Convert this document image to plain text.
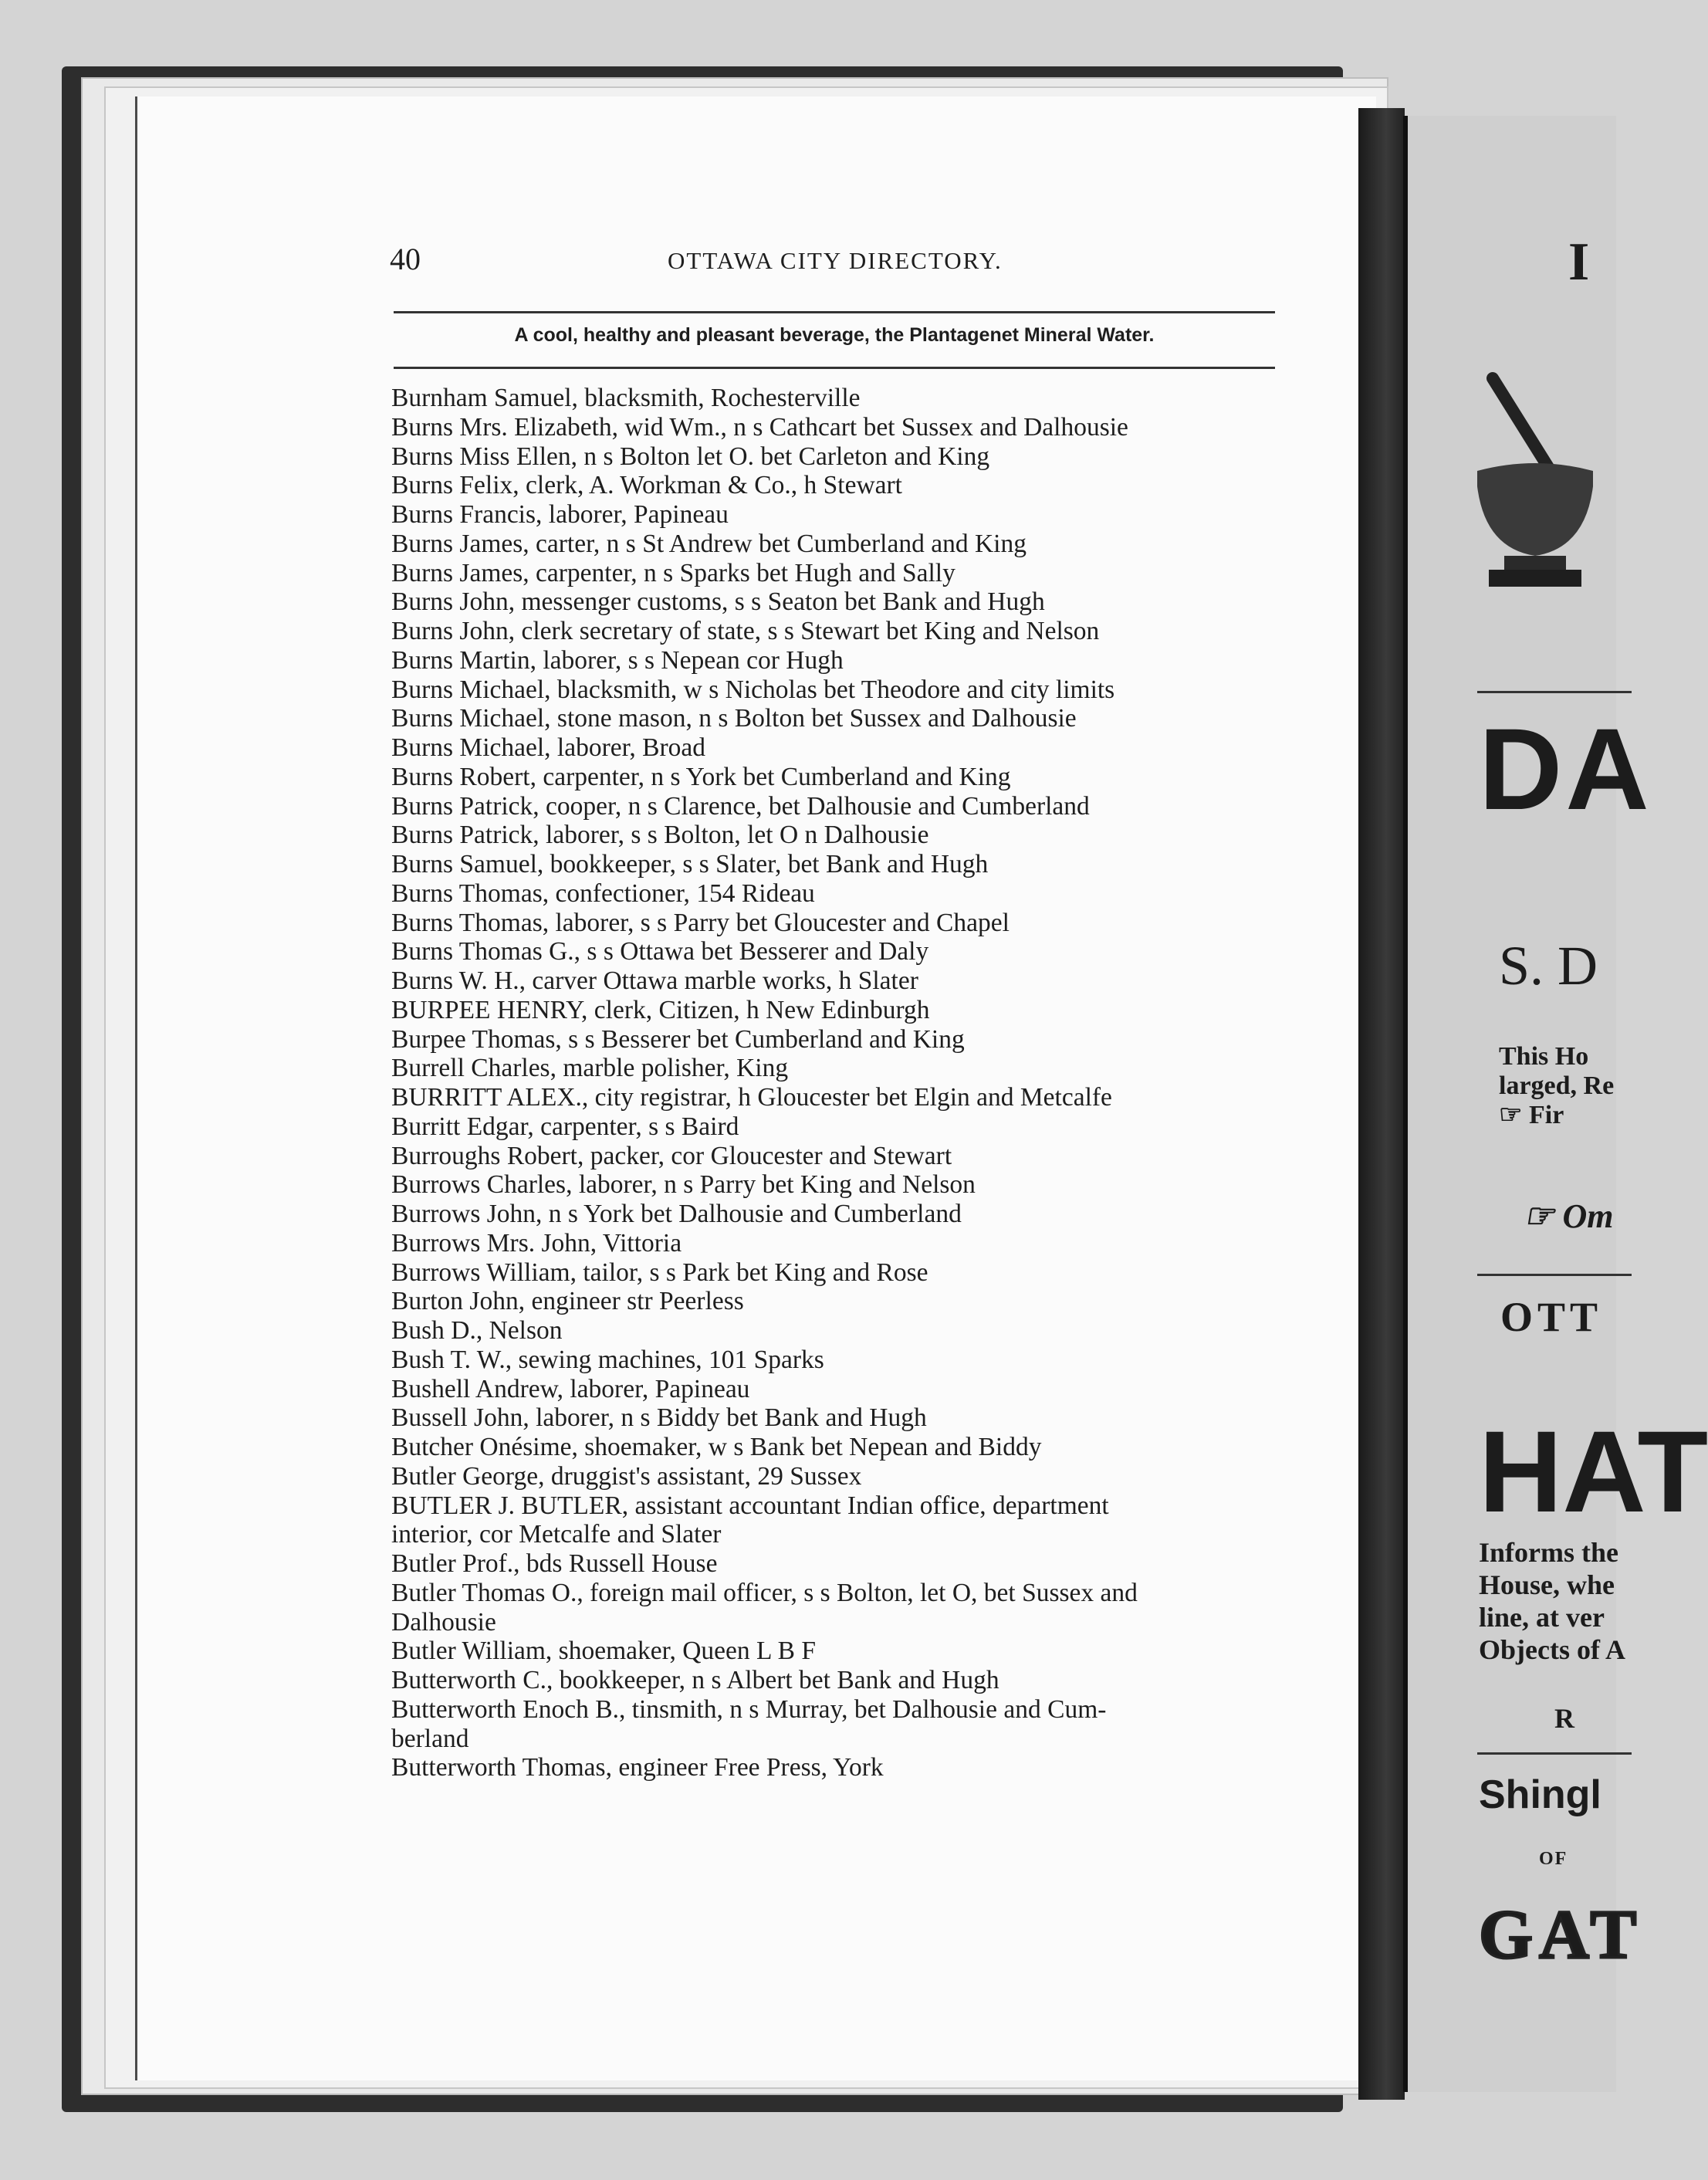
40	OTTAWA CITY DIRECTORY.
A cool, healthy and pleasant beverage, the Plantagenet Mineral Water.
Burnham Samuel, blacksmith, Rochesterville
Burns Mrs. Elizabeth, wid Wm., n s Cathcart bet Sussex and Dalhousie
Burns Miss Ellen, n s Bolton let O. bet Carleton and King
Burns Felix, clerk, A. Workman & Co., h Stewart
Burns Francis, laborer, Papineau
Burns James, carter, n s St Andrew bet Cumberland and King
Burns James, carpenter, n s Sparks bet Hugh and Sally
Burns John, messenger customs, s s Seaton bet Bank and Hugh
Burns John, clerk secretary of state, s s Stewart bet King and Nelson
Burns Martin, laborer, s s Nepean cor Hugh
Burns Michael, blacksmith, w s Nicholas bet Theodore and city limits
Burns Michael, stone mason, n s Bolton bet Sussex and Dalhousie
Burns Michael, laborer, Broad
Burns Robert, carpenter, n s York bet Cumberland and King
Burns Patrick, cooper, n s Clarence, bet Dalhousie and Cumberland
Burns Patrick, laborer, s s Bolton, let O n Dalhousie
Burns Samuel, bookkeeper, s s Slater, bet Bank and Hugh
Burns Thomas, confectioner, 154 Rideau
Burns Thomas, laborer, s s Parry bet Gloucester and Chapel
Burns Thomas G., s s Ottawa bet Besserer and Daly
Burns W. H., carver Ottawa marble works, h Slater
BURPEE HENRY, clerk, Citizen, h New Edinburgh
Burpee Thomas, s s Besserer bet Cumberland and King
Burrell Charles, marble polisher, King
BURRITT ALEX., city registrar, h Gloucester bet Elgin and Metcalfe
Burritt Edgar, carpenter, s s Baird
Burroughs Robert, packer, cor Gloucester and Stewart
Burrows Charles, laborer, n s Parry bet King and Nelson
Burrows John, n s York bet Dalhousie and Cumberland
Burrows Mrs. John, Vittoria
Burrows William, tailor, s s Park bet King and Rose
Burton John, engineer str Peerless
Bush D., Nelson
Bush T. W., sewing machines, 101 Sparks
Bushell Andrew, laborer, Papineau
Bussell John, laborer, n s Biddy bet Bank and Hugh
Butcher Onésime, shoemaker, w s Bank bet Nepean and Biddy
Butler George, druggist's assistant, 29 Sussex
BUTLER J. BUTLER, assistant accountant Indian office, department
interior, cor Metcalfe and Slater
Butler Prof., bds Russell House
Butler Thomas O., foreign mail officer, s s Bolton, let O, bet Sussex and
Dalhousie
Butler William, shoemaker, Queen L B F
Butterworth C., bookkeeper, n s Albert bet Bank and Hugh
Butterworth Enoch B., tinsmith, n s Murray, bet Dalhousie and Cum-
berland
Butterworth Thomas, engineer Free Press, York
I
DA
S. D
This Ho
larged, Re
☞ Fir
☞ Om
OTT
HAT
Informs the
House, whe
line, at ver
Objects of A
R
Shingl
OF
GAT
